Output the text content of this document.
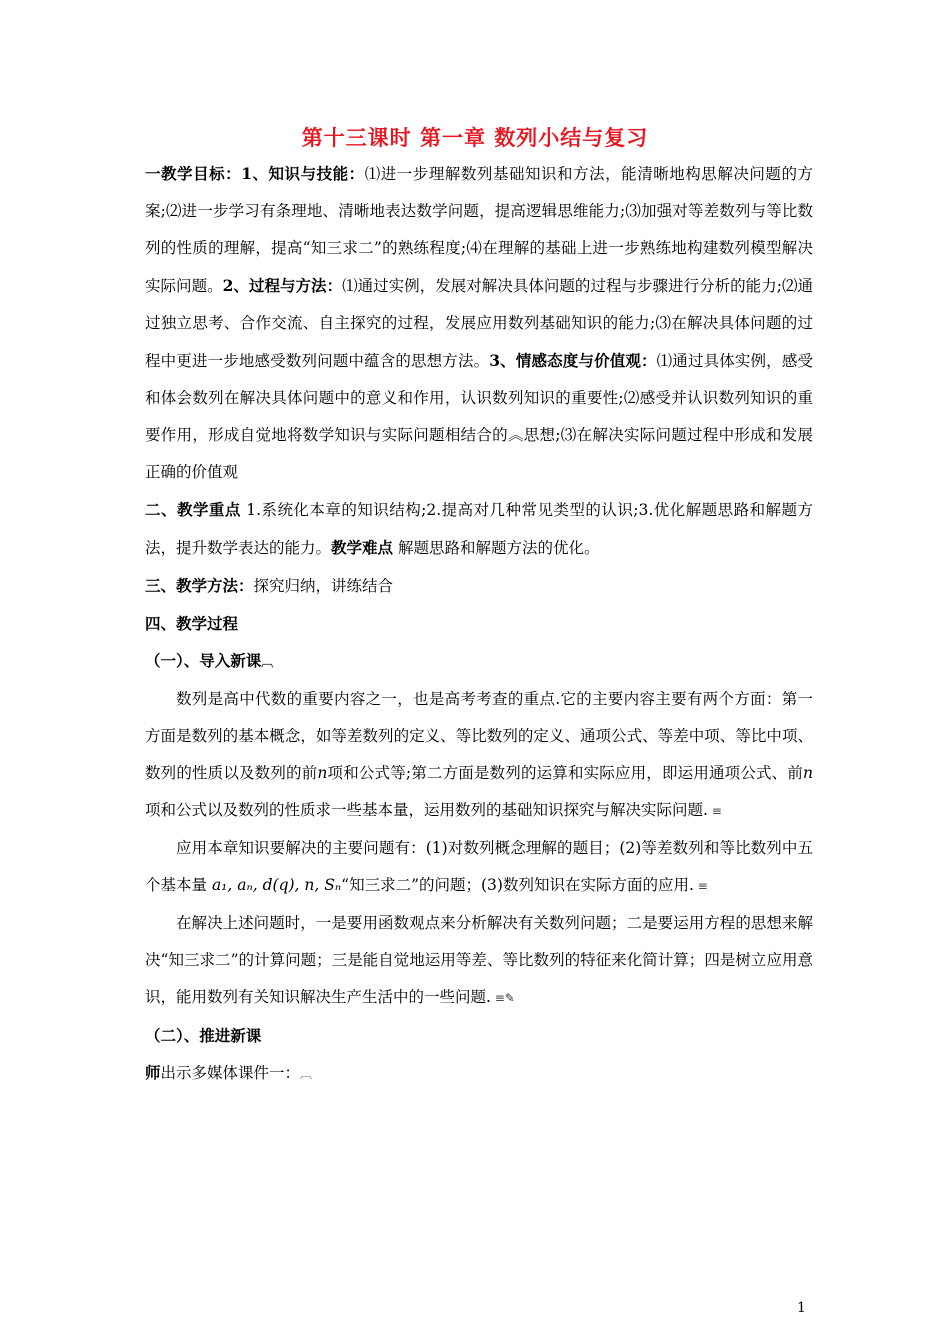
第十三课时 第一章 数列小结与复习

一教学目标：1、知识与技能：⑴进一步理解数列基础知识和方法，能清晰地构思解决问题的方案;⑵进一步学习有条理地、清晰地表达数学问题，提高逻辑思维能力;⑶加强对等差数列与等比数列的性质的理解，提高“知三求二”的熟练程度;⑷在理解的基础上进一步熟练地构建数列模型解决实际问题。2、过程与方法：⑴通过实例，发展对解决具体问题的过程与步骤进行分析的能力;⑵通过独立思考、合作交流、自主探究的过程，发展应用数列基础知识的能力;⑶在解决具体问题的过程中更进一步地感受数列问题中蕴含的思想方法。3、情感态度与价值观：⑴通过具体实例，感受和体会数列在解决具体问题中的意义和作用，认识数列知识的重要性;⑵感受并认识数列知识的重要作用，形成自觉地将数学知识与实际问题相结合的︽思想;⑶在解决实际问题过程中形成和发展正确的价值观

二、教学重点 1.系统化本章的知识结构;2.提高对几种常见类型的认识;3.优化解题思路和解题方法，提升数学表达的能力。教学难点 解题思路和解题方法的优化。

三、教学方法：探究归纳，讲练结合

四、教学过程

（一）、导入新课︹

数列是高中代数的重要内容之一，也是高考考查的重点.它的主要内容主要有两个方面：第一方面是数列的基本概念，如等差数列的定义、等比数列的定义、通项公式、等差中项、等比中项、数列的性质以及数列的前n项和公式等;第二方面是数列的运算和实际应用，即运用通项公式、前n项和公式以及数列的性质求一些基本量，运用数列的基础知识探究与解决实际问题. ≡

应用本章知识要解决的主要问题有：(1)对数列概念理解的题目；(2)等差数列和等比数列中五个基本量 a₁, aₙ, d(q), n, Sₙ“知三求二”的问题；(3)数列知识在实际方面的应用. ≡

在解决上述问题时，一是要用函数观点来分析解决有关数列问题；二是要运用方程的思想来解决“知三求二”的计算问题；三是能自觉地运用等差、等比数列的特征来化简计算；四是树立应用意识，能用数列有关知识解决生产生活中的一些问题. ≡✎

（二）、推进新课

师出示多媒体课件一：︹

1
